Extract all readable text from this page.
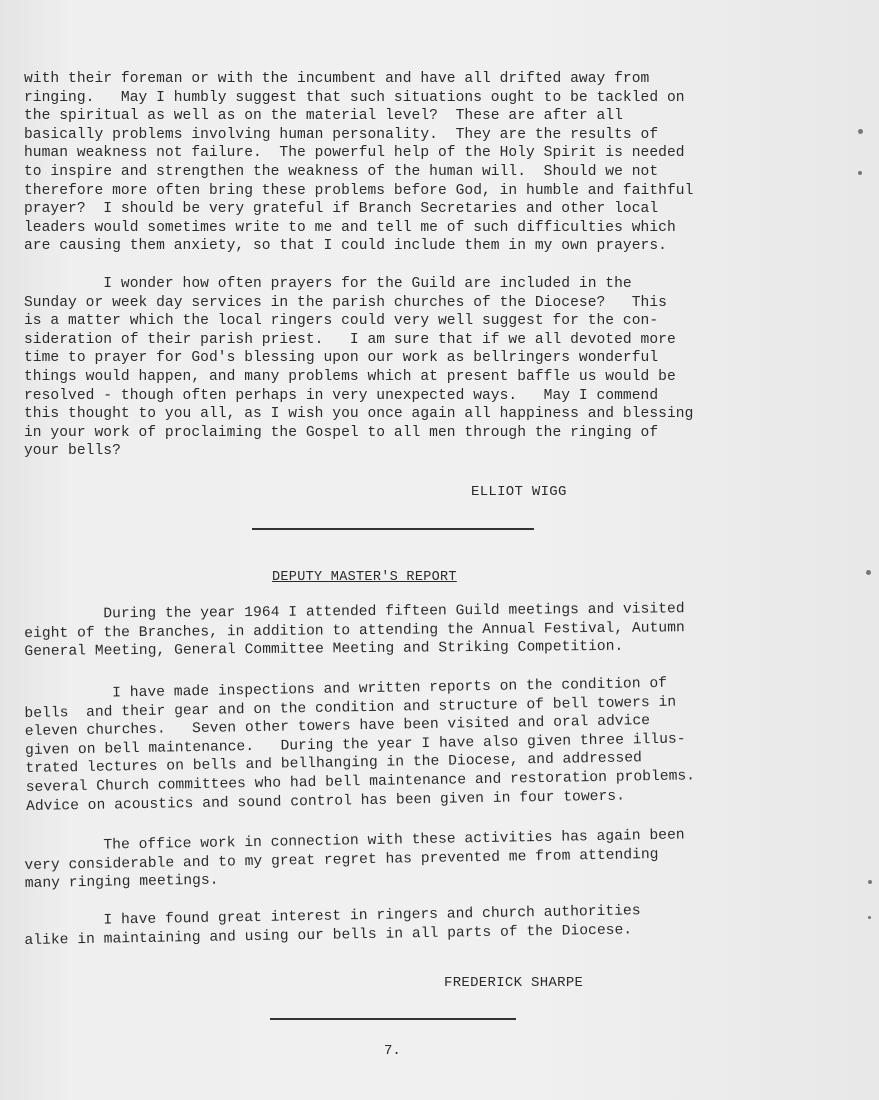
with their foreman or with the incumbent and have all drifted away from
ringing.   May I humbly suggest that such situations ought to be tackled on
the spiritual as well as on the material level?  These are after all
basically problems involving human personality.  They are the results of
human weakness not failure.  The powerful help of the Holy Spirit is needed
to inspire and strengthen the weakness of the human will.  Should we not
therefore more often bring these problems before God, in humble and faithful
prayer?  I should be very grateful if Branch Secretaries and other local
leaders would sometimes write to me and tell me of such difficulties which
are causing them anxiety, so that I could include them in my own prayers.
I wonder how often prayers for the Guild are included in the
Sunday or week day services in the parish churches of the Diocese?   This
is a matter which the local ringers could very well suggest for the con-
sideration of their parish priest.   I am sure that if we all devoted more
time to prayer for God's blessing upon our work as bellringers wonderful
things would happen, and many problems which at present baffle us would be
resolved - though often perhaps in very unexpected ways.   May I commend
this thought to you all, as I wish you once again all happiness and blessing
in your work of proclaiming the Gospel to all men through the ringing of
your bells?
ELLIOT WIGG
DEPUTY MASTER'S REPORT
During the year 1964 I attended fifteen Guild meetings and visited
eight of the Branches, in addition to attending the Annual Festival, Autumn
General Meeting, General Committee Meeting and Striking Competition.
I have made inspections and written reports on the condition of
bells  and their gear and on the condition and structure of bell towers in
eleven churches.   Seven other towers have been visited and oral advice
given on bell maintenance.   During the year I have also given three illus-
trated lectures on bells and bellhanging in the Diocese, and addressed
several Church committees who had bell maintenance and restoration problems.
Advice on acoustics and sound control has been given in four towers.
The office work in connection with these activities has again been
very considerable and to my great regret has prevented me from attending
many ringing meetings.
I have found great interest in ringers and church authorities
alike in maintaining and using our bells in all parts of the Diocese.
FREDERICK SHARPE
7.
